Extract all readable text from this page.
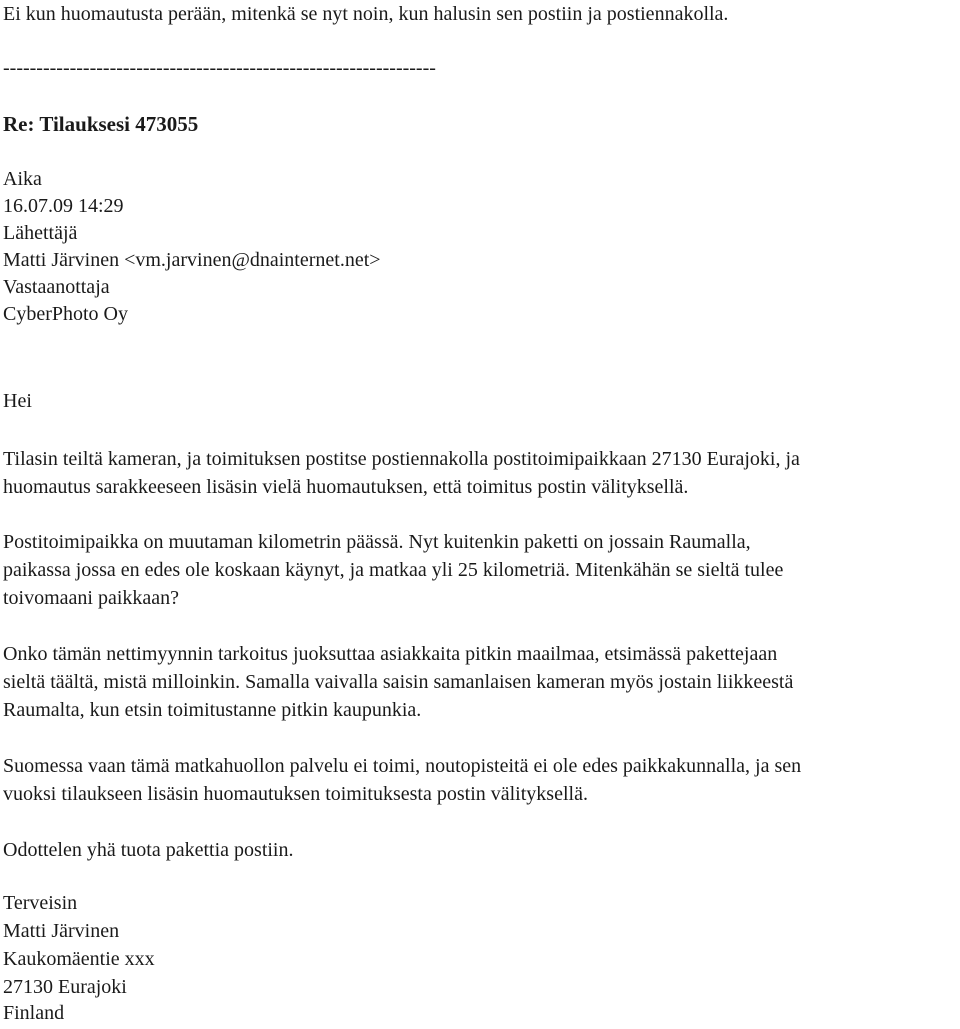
Ei kun huomautusta perään, mitenkä se nyt noin, kun halusin sen postiin ja postiennakolla.
-----------------------------------------------------------------
Re: Tilauksesi 473055
Aika
16.07.09 14:29
Lähettäjä
Matti Järvinen <vm.jarvinen@dnainternet.net>
Vastaanottaja
CyberPhoto Oy
Hei
Tilasin teiltä kameran, ja toimituksen postitse postiennakolla postitoimipaikkaan 27130 Eurajoki, ja
huomautus sarakkeeseen lisäsin vielä huomautuksen, että toimitus postin välityksellä.
Postitoimipaikka on muutaman kilometrin päässä. Nyt kuitenkin paketti on jossain Raumalla,
paikassa jossa en edes ole koskaan käynyt, ja matkaa yli 25 kilometriä. Mitenkähän se sieltä tulee
toivomaani paikkaan?
Onko tämän nettimyynnin tarkoitus juoksuttaa asiakkaita pitkin maailmaa, etsimässä pakettejaan
sieltä täältä, mistä milloinkin. Samalla vaivalla saisin samanlaisen kameran myös jostain liikkeestä
Raumalta, kun etsin toimitustanne pitkin kaupunkia.
Suomessa vaan tämä matkahuollon palvelu ei toimi, noutopisteitä ei ole edes paikkakunnalla, ja sen
vuoksi tilaukseen lisäsin huomautuksen toimituksesta postin välityksellä.
Odottelen yhä tuota pakettia postiin.
Terveisin
Matti Järvinen
Kaukomäentie xxx
27130 Eurajoki
Finland
